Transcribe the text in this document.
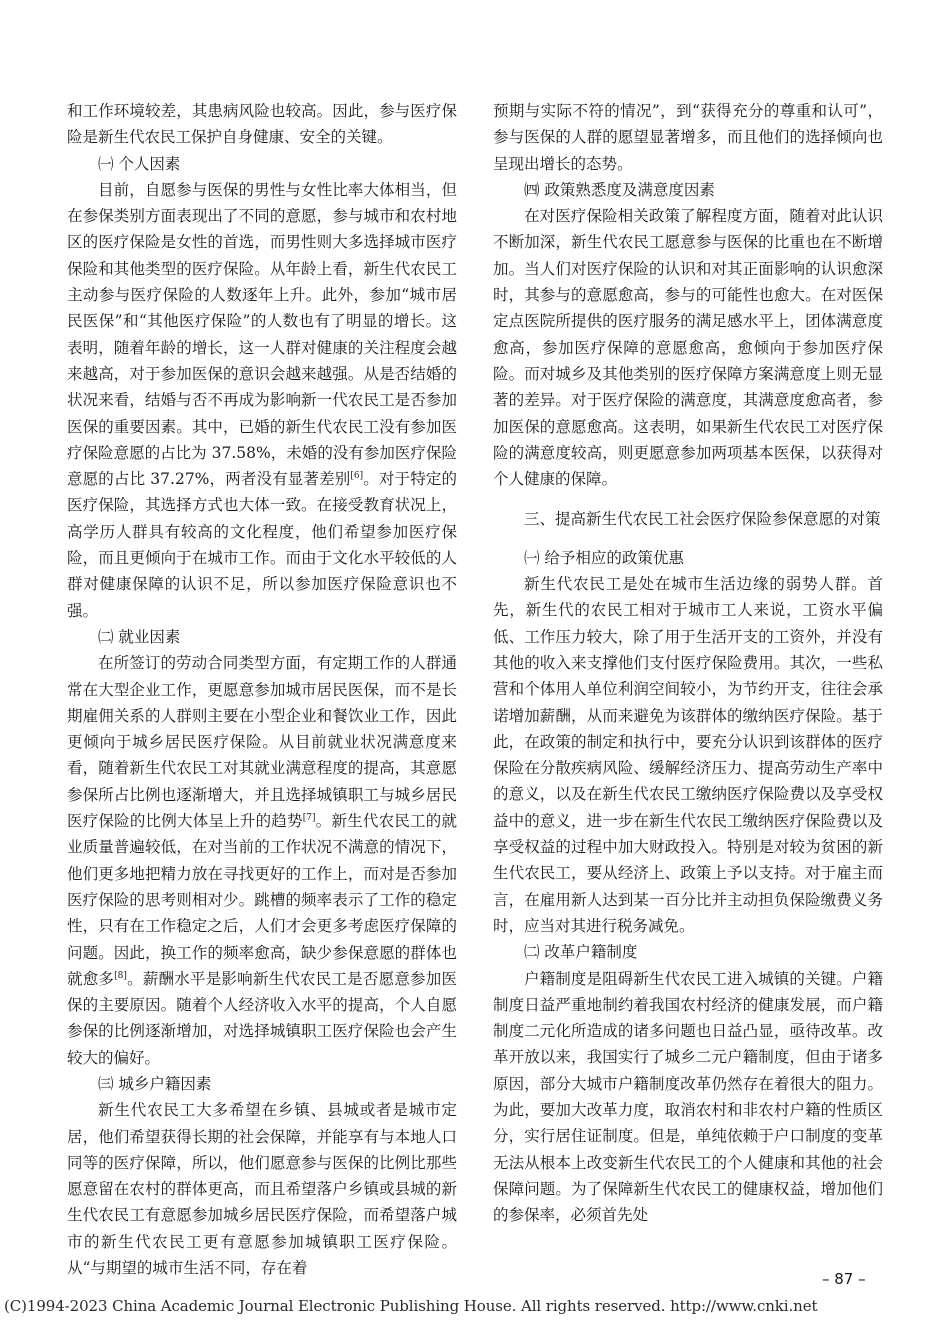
和工作环境较差，其患病风险也较高。因此，参与医疗保险是新生代农民工保护自身健康、安全的关键。

㈠ 个人因素

目前，自愿参与医保的男性与女性比率大体相当，但在参保类别方面表现出了不同的意愿，参与城市和农村地区的医疗保险是女性的首选，而男性则大多选择城市医疗保险和其他类型的医疗保险。从年龄上看，新生代农民工主动参与医疗保险的人数逐年上升。此外，参加“城市居民医保”和“其他医疗保险”的人数也有了明显的增长。这表明，随着年龄的增长，这一人群对健康的关注程度会越来越高，对于参加医保的意识会越来越强。从是否结婚的状况来看，结婚与否不再成为影响新一代农民工是否参加医保的重要因素。其中，已婚的新生代农民工没有参加医疗保险意愿的占比为 37.58%，未婚的没有参加医疗保险意愿的占比 37.27%，两者没有显著差别[6]。对于特定的医疗保险，其选择方式也大体一致。在接受教育状况上，高学历人群具有较高的文化程度，他们希望参加医疗保险，而且更倾向于在城市工作。而由于文化水平较低的人群对健康保障的认识不足，所以参加医疗保险意识也不强。

㈡ 就业因素

在所签订的劳动合同类型方面，有定期工作的人群通常在大型企业工作，更愿意参加城市居民医保，而不是长期雇佣关系的人群则主要在小型企业和餐饮业工作，因此更倾向于城乡居民医疗保险。从目前就业状况满意度来看，随着新生代农民工对其就业满意程度的提高，其意愿参保所占比例也逐渐增大，并且选择城镇职工与城乡居民医疗保险的比例大体呈上升的趋势[7]。新生代农民工的就业质量普遍较低，在对当前的工作状况不满意的情况下，他们更多地把精力放在寻找更好的工作上，而对是否参加医疗保险的思考则相对少。跳槽的频率表示了工作的稳定性，只有在工作稳定之后，人们才会更多考虑医疗保障的问题。因此，换工作的频率愈高，缺少参保意愿的群体也就愈多[8]。薪酬水平是影响新生代农民工是否愿意参加医保的主要原因。随着个人经济收入水平的提高，个人自愿参保的比例逐渐增加，对选择城镇职工医疗保险也会产生较大的偏好。

㈢ 城乡户籍因素

新生代农民工大多希望在乡镇、县城或者是城市定居，他们希望获得长期的社会保障，并能享有与本地人口同等的医疗保障，所以，他们愿意参与医保的比例比那些愿意留在农村的群体更高，而且希望落户乡镇或县城的新生代农民工有意愿参加城乡居民医疗保险，而希望落户城市的新生代农民工更有意愿参加城镇职工医疗保险。从“与期望的城市生活不同，存在着

预期与实际不符的情况”，到“获得充分的尊重和认可”，参与医保的人群的愿望显著增多，而且他们的选择倾向也呈现出增长的态势。

㈣ 政策熟悉度及满意度因素

在对医疗保险相关政策了解程度方面，随着对此认识不断加深，新生代农民工愿意参与医保的比重也在不断增加。当人们对医疗保险的认识和对其正面影响的认识愈深时，其参与的意愿愈高，参与的可能性也愈大。在对医保定点医院所提供的医疗服务的满足感水平上，团体满意度愈高，参加医疗保障的意愿愈高，愈倾向于参加医疗保险。而对城乡及其他类别的医疗保障方案满意度上则无显著的差异。对于医疗保险的满意度，其满意度愈高者，参加医保的意愿愈高。这表明，如果新生代农民工对医疗保险的满意度较高，则更愿意参加两项基本医保，以获得对个人健康的保障。

三、提高新生代农民工社会医疗保险参保意愿的对策
㈠ 给予相应的政策优惠

新生代农民工是处在城市生活边缘的弱势人群。首先，新生代的农民工相对于城市工人来说，工资水平偏低、工作压力较大，除了用于生活开支的工资外，并没有其他的收入来支撑他们支付医疗保险费用。其次，一些私营和个体用人单位利润空间较小，为节约开支，往往会承诺增加薪酬，从而来避免为该群体的缴纳医疗保险。基于此，在政策的制定和执行中，要充分认识到该群体的医疗保险在分散疾病风险、缓解经济压力、提高劳动生产率中的意义，以及在新生代农民工缴纳医疗保险费以及享受权益中的意义，进一步在新生代农民工缴纳医疗保险费以及享受权益的过程中加大财政投入。特别是对较为贫困的新生代农民工，要从经济上、政策上予以支持。对于雇主而言，在雇用新人达到某一百分比并主动担负保险缴费义务时，应当对其进行税务减免。

㈡ 改革户籍制度

户籍制度是阻碍新生代农民工进入城镇的关键。户籍制度日益严重地制约着我国农村经济的健康发展，而户籍制度二元化所造成的诸多问题也日益凸显，亟待改革。改革开放以来，我国实行了城乡二元户籍制度，但由于诸多原因，部分大城市户籍制度改革仍然存在着很大的阻力。为此，要加大改革力度，取消农村和非农村户籍的性质区分，实行居住证制度。但是，单纯依赖于户口制度的变革无法从根本上改变新生代农民工的个人健康和其他的社会保障问题。为了保障新生代农民工的健康权益，增加他们的参保率，必须首先处

– 87 –
(C)1994-2023 China Academic Journal Electronic Publishing House. All rights reserved. http://www.cnki.net
